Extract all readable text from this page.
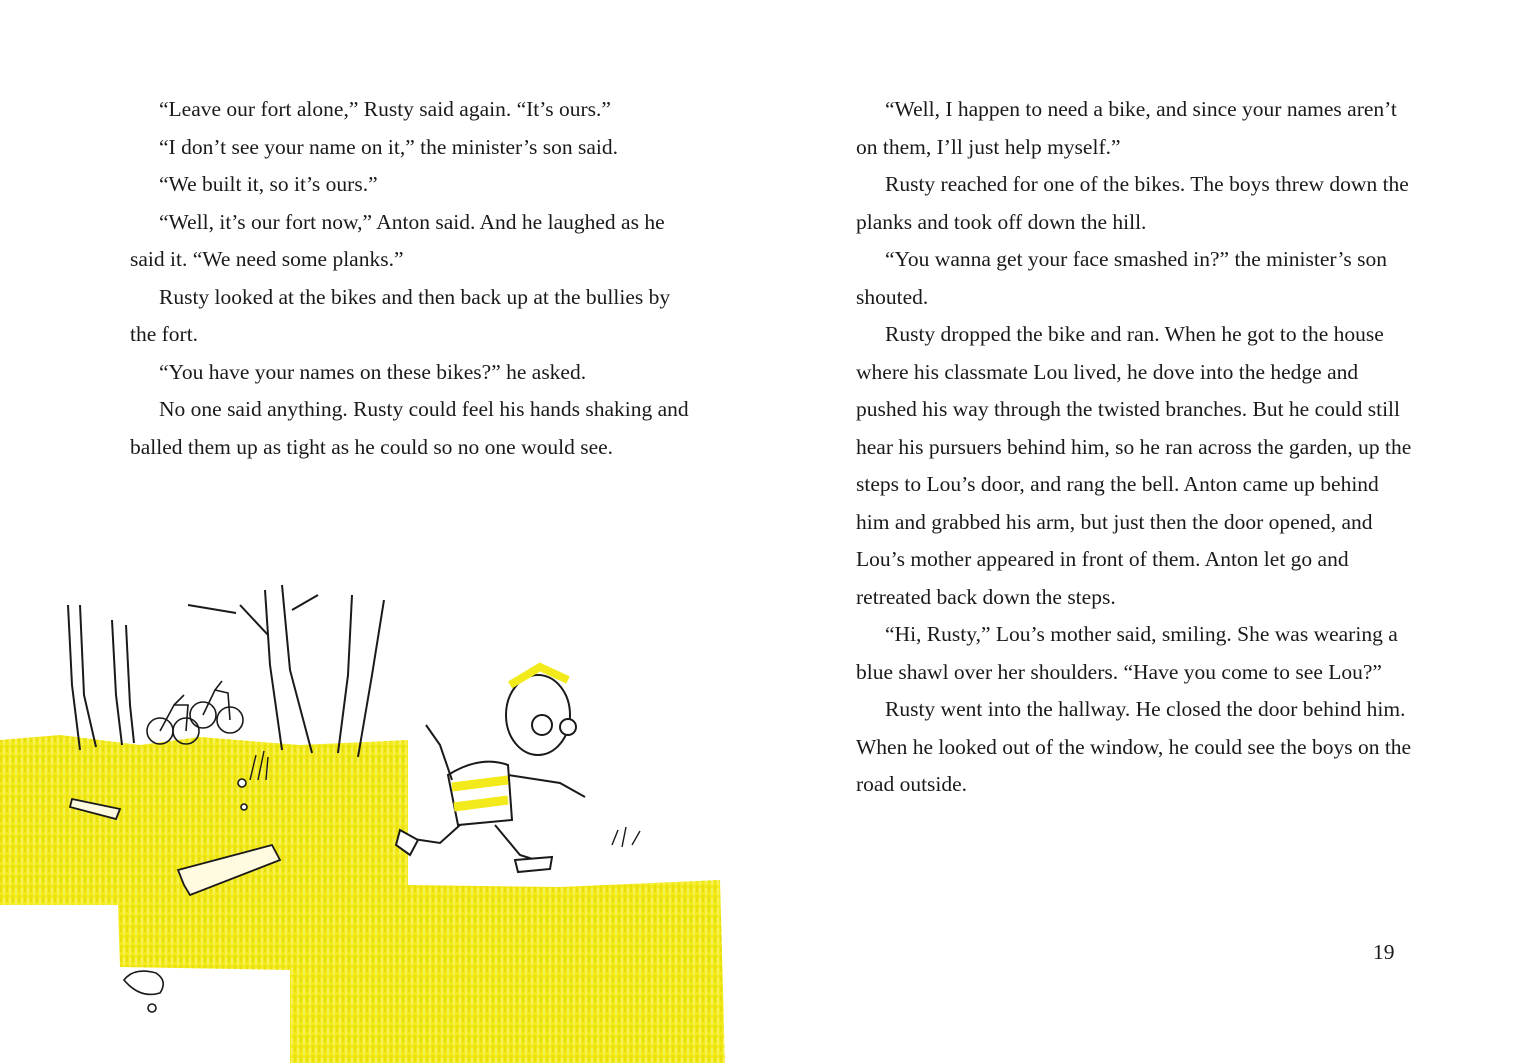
“Leave our fort alone,” Rusty said again. “It’s ours.”

“I don’t see your name on it,” the minister’s son said.

“We built it, so it’s ours.”

“Well, it’s our fort now,” Anton said. And he laughed as he said it. “We need some planks.”

Rusty looked at the bikes and then back up at the bullies by the fort.

“You have your names on these bikes?” he asked.

No one said anything. Rusty could feel his hands shaking and balled them up as tight as he could so no one would see.

“Well, I happen to need a bike, and since your names aren’t on them, I’ll just help myself.”

Rusty reached for one of the bikes. The boys threw down the planks and took off down the hill.

“You wanna get your face smashed in?” the minister’s son shouted.

Rusty dropped the bike and ran. When he got to the house where his classmate Lou lived, he dove into the hedge and pushed his way through the twisted branches. But he could still hear his pursuers behind him, so he ran across the garden, up the steps to Lou’s door, and rang the bell. Anton came up behind him and grabbed his arm, but just then the door opened, and Lou’s mother appeared in front of them. Anton let go and retreated back down the steps.

“Hi, Rusty,” Lou’s mother said, smiling. She was wearing a blue shawl over her shoulders. “Have you come to see Lou?”

Rusty went into the hallway. He closed the door behind him. When he looked out of the window, he could see the boys on the road outside.

19
